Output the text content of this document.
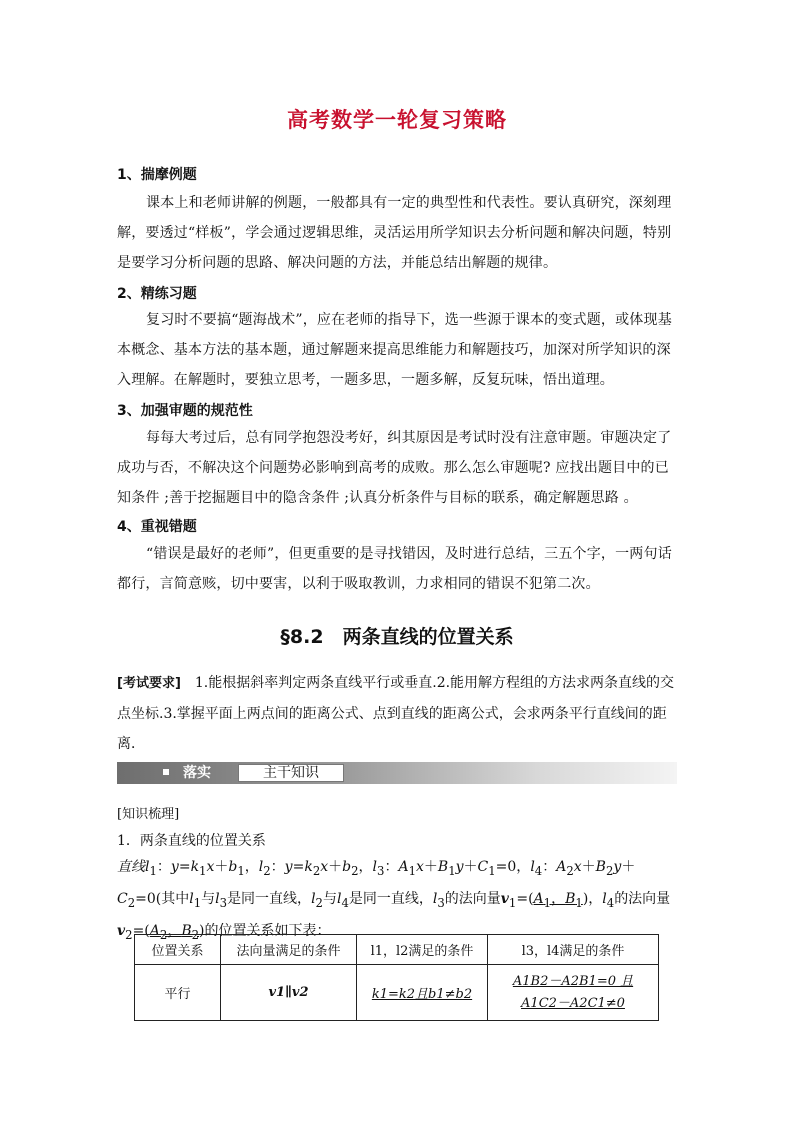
高考数学一轮复习策略
1、揣摩例题

课本上和老师讲解的例题，一般都具有一定的典型性和代表性。要认真研究，深刻理解，要透过“样板”，学会通过逻辑思维，灵活运用所学知识去分析问题和解决问题，特别是要学习分析问题的思路、解决问题的方法，并能总结出解题的规律。

2、精练习题

复习时不要搞“题海战术”，应在老师的指导下，选一些源于课本的变式题，或体现基本概念、基本方法的基本题，通过解题来提高思维能力和解题技巧，加深对所学知识的深入理解。在解题时，要独立思考，一题多思，一题多解，反复玩味，悟出道理。

3、加强审题的规范性

每每大考过后，总有同学抱怨没考好，纠其原因是考试时没有注意审题。审题决定了成功与否，不解决这个问题势必影响到高考的成败。那么怎么审题呢? 应找出题目中的已知条件 ;善于挖掘题目中的隐含条件 ;认真分析条件与目标的联系，确定解题思路 。

4、重视错题

“错误是最好的老师”，但更重要的是寻找错因，及时进行总结，三五个字，一两句话都行，言简意赅，切中要害，以利于吸取教训，力求相同的错误不犯第二次。

§8.2　两条直线的位置关系

[考试要求]　 1.能根据斜率判定两条直线平行或垂直.2.能用解方程组的方法求两条直线的交点坐标.3.掌握平面上两点间的距离公式、点到直线的距离公式，会求两条平行直线间的距离．

落实	主干知识
[知识梳理]
1．两条直线的位置关系

直线$l_1$：$y=k_1x+b_1$，$l_2$：$y=k_2x+b_2$，$l_3$：$A_1x+B_1y+C_1=0$，$l_4$：$A_2x+B_2y+C_2=0$(其中$l_1$与$l_3$是同一直线，$l_2$与$l_4$是同一直线，$l_3$的法向量$v_1=(A_1$，$B_1$)，$l_4$的法向量$v_2=(A_2$，$B_2$)的位置关系如下表：

位置关系	法向量满足的条件	l1，l2满足的条件	l3，l4满足的条件
平行	v1∥v2	k1=k2且b1≠b2	A1B2－A2B1=0 且
A1C2－A2C1≠0
